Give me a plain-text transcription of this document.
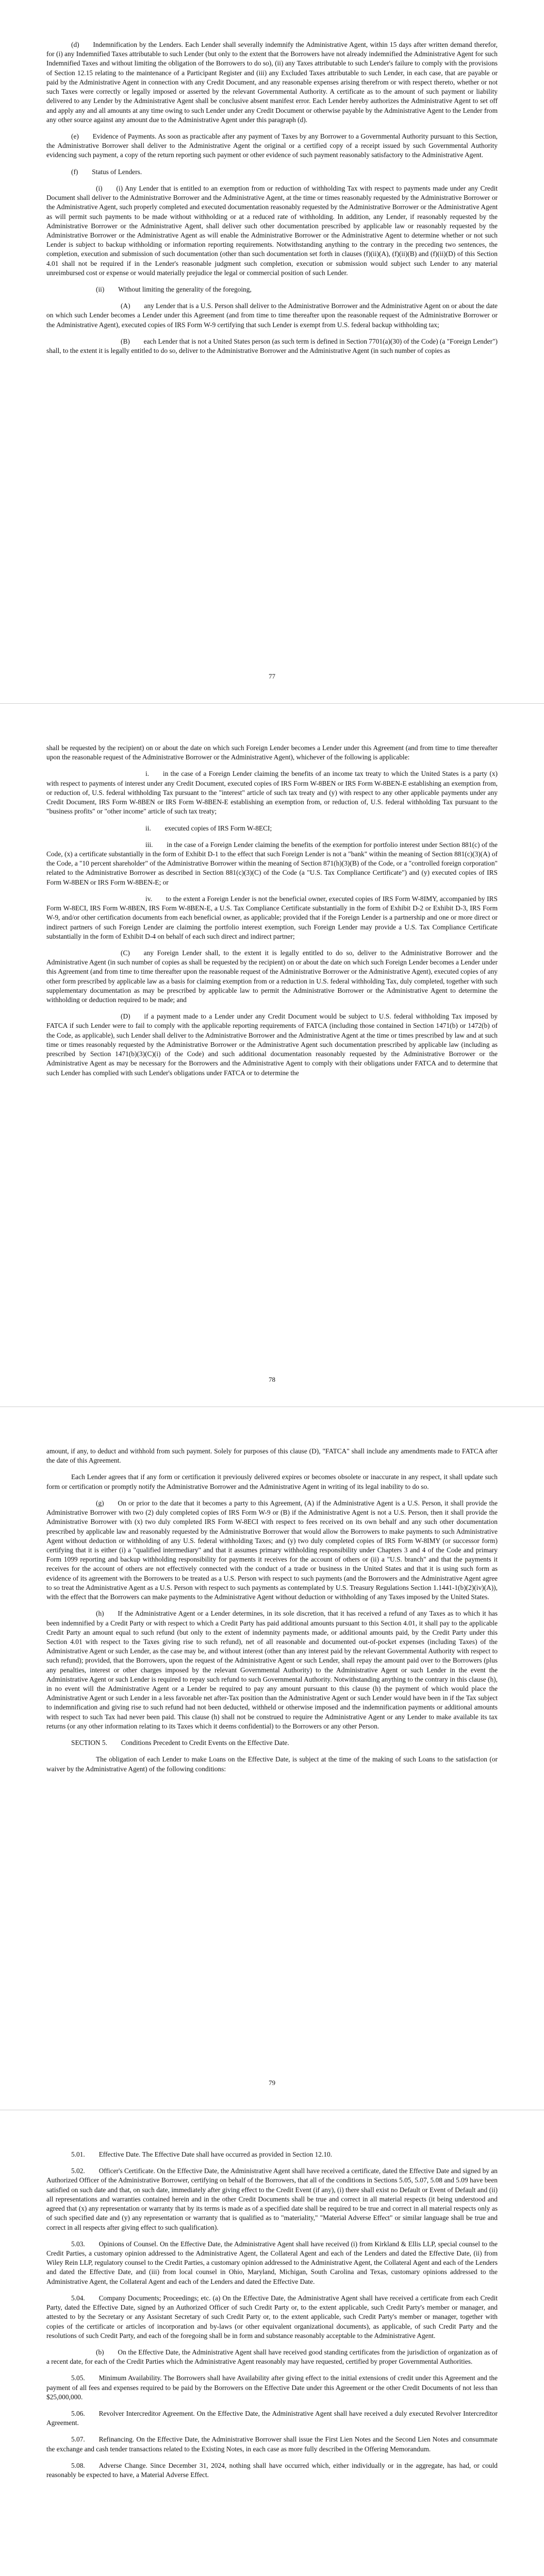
(d)  Indemnification by the Lenders. Each Lender shall severally indemnify the Administrative Agent, within 15 days after written demand therefor, for (i) any Indemnified Taxes attributable to such Lender (but only to the extent that the Borrowers have not already indemnified the Administrative Agent for such Indemnified Taxes and without limiting the obligation of the Borrowers to do so), (ii) any Taxes attributable to such Lender's failure to comply with the provisions of Section 12.15 relating to the maintenance of a Participant Register and (iii) any Excluded Taxes attributable to such Lender, in each case, that are payable or paid by the Administrative Agent in connection with any Credit Document, and any reasonable expenses arising therefrom or with respect thereto, whether or not such Taxes were correctly or legally imposed or asserted by the relevant Governmental Authority. A certificate as to the amount of such payment or liability delivered to any Lender by the Administrative Agent shall be conclusive absent manifest error. Each Lender hereby authorizes the Administrative Agent to set off and apply any and all amounts at any time owing to such Lender under any Credit Document or otherwise payable by the Administrative Agent to the Lender from any other source against any amount due to the Administrative Agent under this paragraph (d).

(e)  Evidence of Payments. As soon as practicable after any payment of Taxes by any Borrower to a Governmental Authority pursuant to this Section, the Administrative Borrower shall deliver to the Administrative Agent the original or a certified copy of a receipt issued by such Governmental Authority evidencing such payment, a copy of the return reporting such payment or other evidence of such payment reasonably satisfactory to the Administrative Agent.

(f)  Status of Lenders.

(i)  (i) Any Lender that is entitled to an exemption from or reduction of withholding Tax with respect to payments made under any Credit Document shall deliver to the Administrative Borrower and the Administrative Agent, at the time or times reasonably requested by the Administrative Borrower or the Administrative Agent, such properly completed and executed documentation reasonably requested by the Administrative Borrower or the Administrative Agent as will permit such payments to be made without withholding or at a reduced rate of withholding. In addition, any Lender, if reasonably requested by the Administrative Borrower or the Administrative Agent, shall deliver such other documentation prescribed by applicable law or reasonably requested by the Administrative Borrower or the Administrative Agent as will enable the Administrative Borrower or the Administrative Agent to determine whether or not such Lender is subject to backup withholding or information reporting requirements. Notwithstanding anything to the contrary in the preceding two sentences, the completion, execution and submission of such documentation (other than such documentation set forth in clauses (f)(ii)(A), (f)(ii)(B) and (f)(ii)(D) of this Section 4.01 shall not be required if in the Lender's reasonable judgment such completion, execution or submission would subject such Lender to any material unreimbursed cost or expense or would materially prejudice the legal or commercial position of such Lender.

(ii)  Without limiting the generality of the foregoing,

(A)  any Lender that is a U.S. Person shall deliver to the Administrative Borrower and the Administrative Agent on or about the date on which such Lender becomes a Lender under this Agreement (and from time to time thereafter upon the reasonable request of the Administrative Borrower or the Administrative Agent), executed copies of IRS Form W-9 certifying that such Lender is exempt from U.S. federal backup withholding tax;

(B)  each Lender that is not a United States person (as such term is defined in Section 7701(a)(30) of the Code) (a "Foreign Lender") shall, to the extent it is legally entitled to do so, deliver to the Administrative Borrower and the Administrative Agent (in such number of copies as

77

shall be requested by the recipient) on or about the date on which such Foreign Lender becomes a Lender under this Agreement (and from time to time thereafter upon the reasonable request of the Administrative Borrower or the Administrative Agent), whichever of the following is applicable:

i.  in the case of a Foreign Lender claiming the benefits of an income tax treaty to which the United States is a party (x) with respect to payments of interest under any Credit Document, executed copies of IRS Form W-8BEN or IRS Form W-8BEN-E establishing an exemption from, or reduction of, U.S. federal withholding Tax pursuant to the "interest" article of such tax treaty and (y) with respect to any other applicable payments under any Credit Document, IRS Form W-8BEN or IRS Form W-8BEN-E establishing an exemption from, or reduction of, U.S. federal withholding Tax pursuant to the "business profits" or "other income" article of such tax treaty;

ii.  executed copies of IRS Form W-8ECI;

iii.  in the case of a Foreign Lender claiming the benefits of the exemption for portfolio interest under Section 881(c) of the Code, (x) a certificate substantially in the form of Exhibit D-1 to the effect that such Foreign Lender is not a "bank" within the meaning of Section 881(c)(3)(A) of the Code, a "10 percent shareholder" of the Administrative Borrower within the meaning of Section 871(h)(3)(B) of the Code, or a "controlled foreign corporation" related to the Administrative Borrower as described in Section 881(c)(3)(C) of the Code (a "U.S. Tax Compliance Certificate") and (y) executed copies of IRS Form W-8BEN or IRS Form W-8BEN-E; or

iv.  to the extent a Foreign Lender is not the beneficial owner, executed copies of IRS Form W-8IMY, accompanied by IRS Form W-8ECI, IRS Form W-8BEN, IRS Form W-8BEN-E, a U.S. Tax Compliance Certificate substantially in the form of Exhibit D-2 or Exhibit D-3, IRS Form W-9, and/or other certification documents from each beneficial owner, as applicable; provided that if the Foreign Lender is a partnership and one or more direct or indirect partners of such Foreign Lender are claiming the portfolio interest exemption, such Foreign Lender may provide a U.S. Tax Compliance Certificate substantially in the form of Exhibit D-4 on behalf of each such direct and indirect partner;

(C)  any Foreign Lender shall, to the extent it is legally entitled to do so, deliver to the Administrative Borrower and the Administrative Agent (in such number of copies as shall be requested by the recipient) on or about the date on which such Foreign Lender becomes a Lender under this Agreement (and from time to time thereafter upon the reasonable request of the Administrative Borrower or the Administrative Agent), executed copies of any other form prescribed by applicable law as a basis for claiming exemption from or a reduction in U.S. federal withholding Tax, duly completed, together with such supplementary documentation as may be prescribed by applicable law to permit the Administrative Borrower or the Administrative Agent to determine the withholding or deduction required to be made; and

(D)  if a payment made to a Lender under any Credit Document would be subject to U.S. federal withholding Tax imposed by FATCA if such Lender were to fail to comply with the applicable reporting requirements of FATCA (including those contained in Section 1471(b) or 1472(b) of the Code, as applicable), such Lender shall deliver to the Administrative Borrower and the Administrative Agent at the time or times prescribed by law and at such time or times reasonably requested by the Administrative Borrower or the Administrative Agent such documentation prescribed by applicable law (including as prescribed by Section 1471(b)(3)(C)(i) of the Code) and such additional documentation reasonably requested by the Administrative Borrower or the Administrative Agent as may be necessary for the Borrowers and the Administrative Agent to comply with their obligations under FATCA and to determine that such Lender has complied with such Lender's obligations under FATCA or to determine the

78

amount, if any, to deduct and withhold from such payment. Solely for purposes of this clause (D), "FATCA" shall include any amendments made to FATCA after the date of this Agreement.

Each Lender agrees that if any form or certification it previously delivered expires or becomes obsolete or inaccurate in any respect, it shall update such form or certification or promptly notify the Administrative Borrower and the Administrative Agent in writing of its legal inability to do so.

(g)  On or prior to the date that it becomes a party to this Agreement, (A) if the Administrative Agent is a U.S. Person, it shall provide the Administrative Borrower with two (2) duly completed copies of IRS Form W-9 or (B) if the Administrative Agent is not a U.S. Person, then it shall provide the Administrative Borrower with (x) two duly completed IRS Form W-8ECI with respect to fees received on its own behalf and any such other documentation prescribed by applicable law and reasonably requested by the Administrative Borrower that would allow the Borrowers to make payments to such Administrative Agent without deduction or withholding of any U.S. federal withholding Taxes; and (y) two duly completed copies of IRS Form W-8IMY (or successor form) certifying that it is either (i) a "qualified intermediary" and that it assumes primary withholding responsibility under Chapters 3 and 4 of the Code and primary Form 1099 reporting and backup withholding responsibility for payments it receives for the account of others or (ii) a "U.S. branch" and that the payments it receives for the account of others are not effectively connected with the conduct of a trade or business in the United States and that it is using such form as evidence of its agreement with the Borrowers to be treated as a U.S. Person with respect to such payments (and the Borrowers and the Administrative Agent agree to so treat the Administrative Agent as a U.S. Person with respect to such payments as contemplated by U.S. Treasury Regulations Section 1.1441-1(b)(2)(iv)(A)), with the effect that the Borrowers can make payments to the Administrative Agent without deduction or withholding of any Taxes imposed by the United States.

(h)  If the Administrative Agent or a Lender determines, in its sole discretion, that it has received a refund of any Taxes as to which it has been indemnified by a Credit Party or with respect to which a Credit Party has paid additional amounts pursuant to this Section 4.01, it shall pay to the applicable Credit Party an amount equal to such refund (but only to the extent of indemnity payments made, or additional amounts paid, by the Credit Party under this Section 4.01 with respect to the Taxes giving rise to such refund), net of all reasonable and documented out-of-pocket expenses (including Taxes) of the Administrative Agent or such Lender, as the case may be, and without interest (other than any interest paid by the relevant Governmental Authority with respect to such refund); provided, that the Borrowers, upon the request of the Administrative Agent or such Lender, shall repay the amount paid over to the Borrowers (plus any penalties, interest or other charges imposed by the relevant Governmental Authority) to the Administrative Agent or such Lender in the event the Administrative Agent or such Lender is required to repay such refund to such Governmental Authority. Notwithstanding anything to the contrary in this clause (h), in no event will the Administrative Agent or a Lender be required to pay any amount pursuant to this clause (h) the payment of which would place the Administrative Agent or such Lender in a less favorable net after-Tax position than the Administrative Agent or such Lender would have been in if the Tax subject to indemnification and giving rise to such refund had not been deducted, withheld or otherwise imposed and the indemnification payments or additional amounts with respect to such Tax had never been paid. This clause (h) shall not be construed to require the Administrative Agent or any Lender to make available its tax returns (or any other information relating to its Taxes which it deems confidential) to the Borrowers or any other Person.

SECTION 5.  Conditions Precedent to Credit Events on the Effective Date.

The obligation of each Lender to make Loans on the Effective Date, is subject at the time of the making of such Loans to the satisfaction (or waiver by the Administrative Agent) of the following conditions:

79

5.01.  Effective Date. The Effective Date shall have occurred as provided in Section 12.10.

5.02.  Officer's Certificate. On the Effective Date, the Administrative Agent shall have received a certificate, dated the Effective Date and signed by an Authorized Officer of the Administrative Borrower, certifying on behalf of the Borrowers, that all of the conditions in Sections 5.05, 5.07, 5.08 and 5.09 have been satisfied on such date and that, on such date, immediately after giving effect to the Credit Event (if any), (i) there shall exist no Default or Event of Default and (ii) all representations and warranties contained herein and in the other Credit Documents shall be true and correct in all material respects (it being understood and agreed that (x) any representation or warranty that by its terms is made as of a specified date shall be required to be true and correct in all material respects only as of such specified date and (y) any representation or warranty that is qualified as to "materiality," "Material Adverse Effect" or similar language shall be true and correct in all respects after giving effect to such qualification).

5.03.  Opinions of Counsel. On the Effective Date, the Administrative Agent shall have received (i) from Kirkland & Ellis LLP, special counsel to the Credit Parties, a customary opinion addressed to the Administrative Agent, the Collateral Agent and each of the Lenders and dated the Effective Date, (ii) from Wiley Rein LLP, regulatory counsel to the Credit Parties, a customary opinion addressed to the Administrative Agent, the Collateral Agent and each of the Lenders and dated the Effective Date, and (iii) from local counsel in Ohio, Maryland, Michigan, South Carolina and Texas, customary opinions addressed to the Administrative Agent, the Collateral Agent and each of the Lenders and dated the Effective Date.

5.04.  Company Documents; Proceedings; etc. (a) On the Effective Date, the Administrative Agent shall have received a certificate from each Credit Party, dated the Effective Date, signed by an Authorized Officer of such Credit Party or, to the extent applicable, such Credit Party's member or manager, and attested to by the Secretary or any Assistant Secretary of such Credit Party or, to the extent applicable, such Credit Party's member or manager, together with copies of the certificate or articles of incorporation and by-laws (or other equivalent organizational documents), as applicable, of such Credit Party and the resolutions of such Credit Party, and each of the foregoing shall be in form and substance reasonably acceptable to the Administrative Agent.

(b)  On the Effective Date, the Administrative Agent shall have received good standing certificates from the jurisdiction of organization as of a recent date, for each of the Credit Parties which the Administrative Agent reasonably may have requested, certified by proper Governmental Authorities.

5.05.  Minimum Availability. The Borrowers shall have Availability after giving effect to the initial extensions of credit under this Agreement and the payment of all fees and expenses required to be paid by the Borrowers on the Effective Date under this Agreement or the other Credit Documents of not less than $25,000,000.

5.06.  Revolver Intercreditor Agreement. On the Effective Date, the Administrative Agent shall have received a duly executed Revolver Intercreditor Agreement.

5.07.  Refinancing. On the Effective Date, the Administrative Borrower shall issue the First Lien Notes and the Second Lien Notes and consummate the exchange and cash tender transactions related to the Existing Notes, in each case as more fully described in the Offering Memorandum.

5.08.  Adverse Change. Since December 31, 2024, nothing shall have occurred which, either individually or in the aggregate, has had, or could reasonably be expected to have, a Material Adverse Effect.
